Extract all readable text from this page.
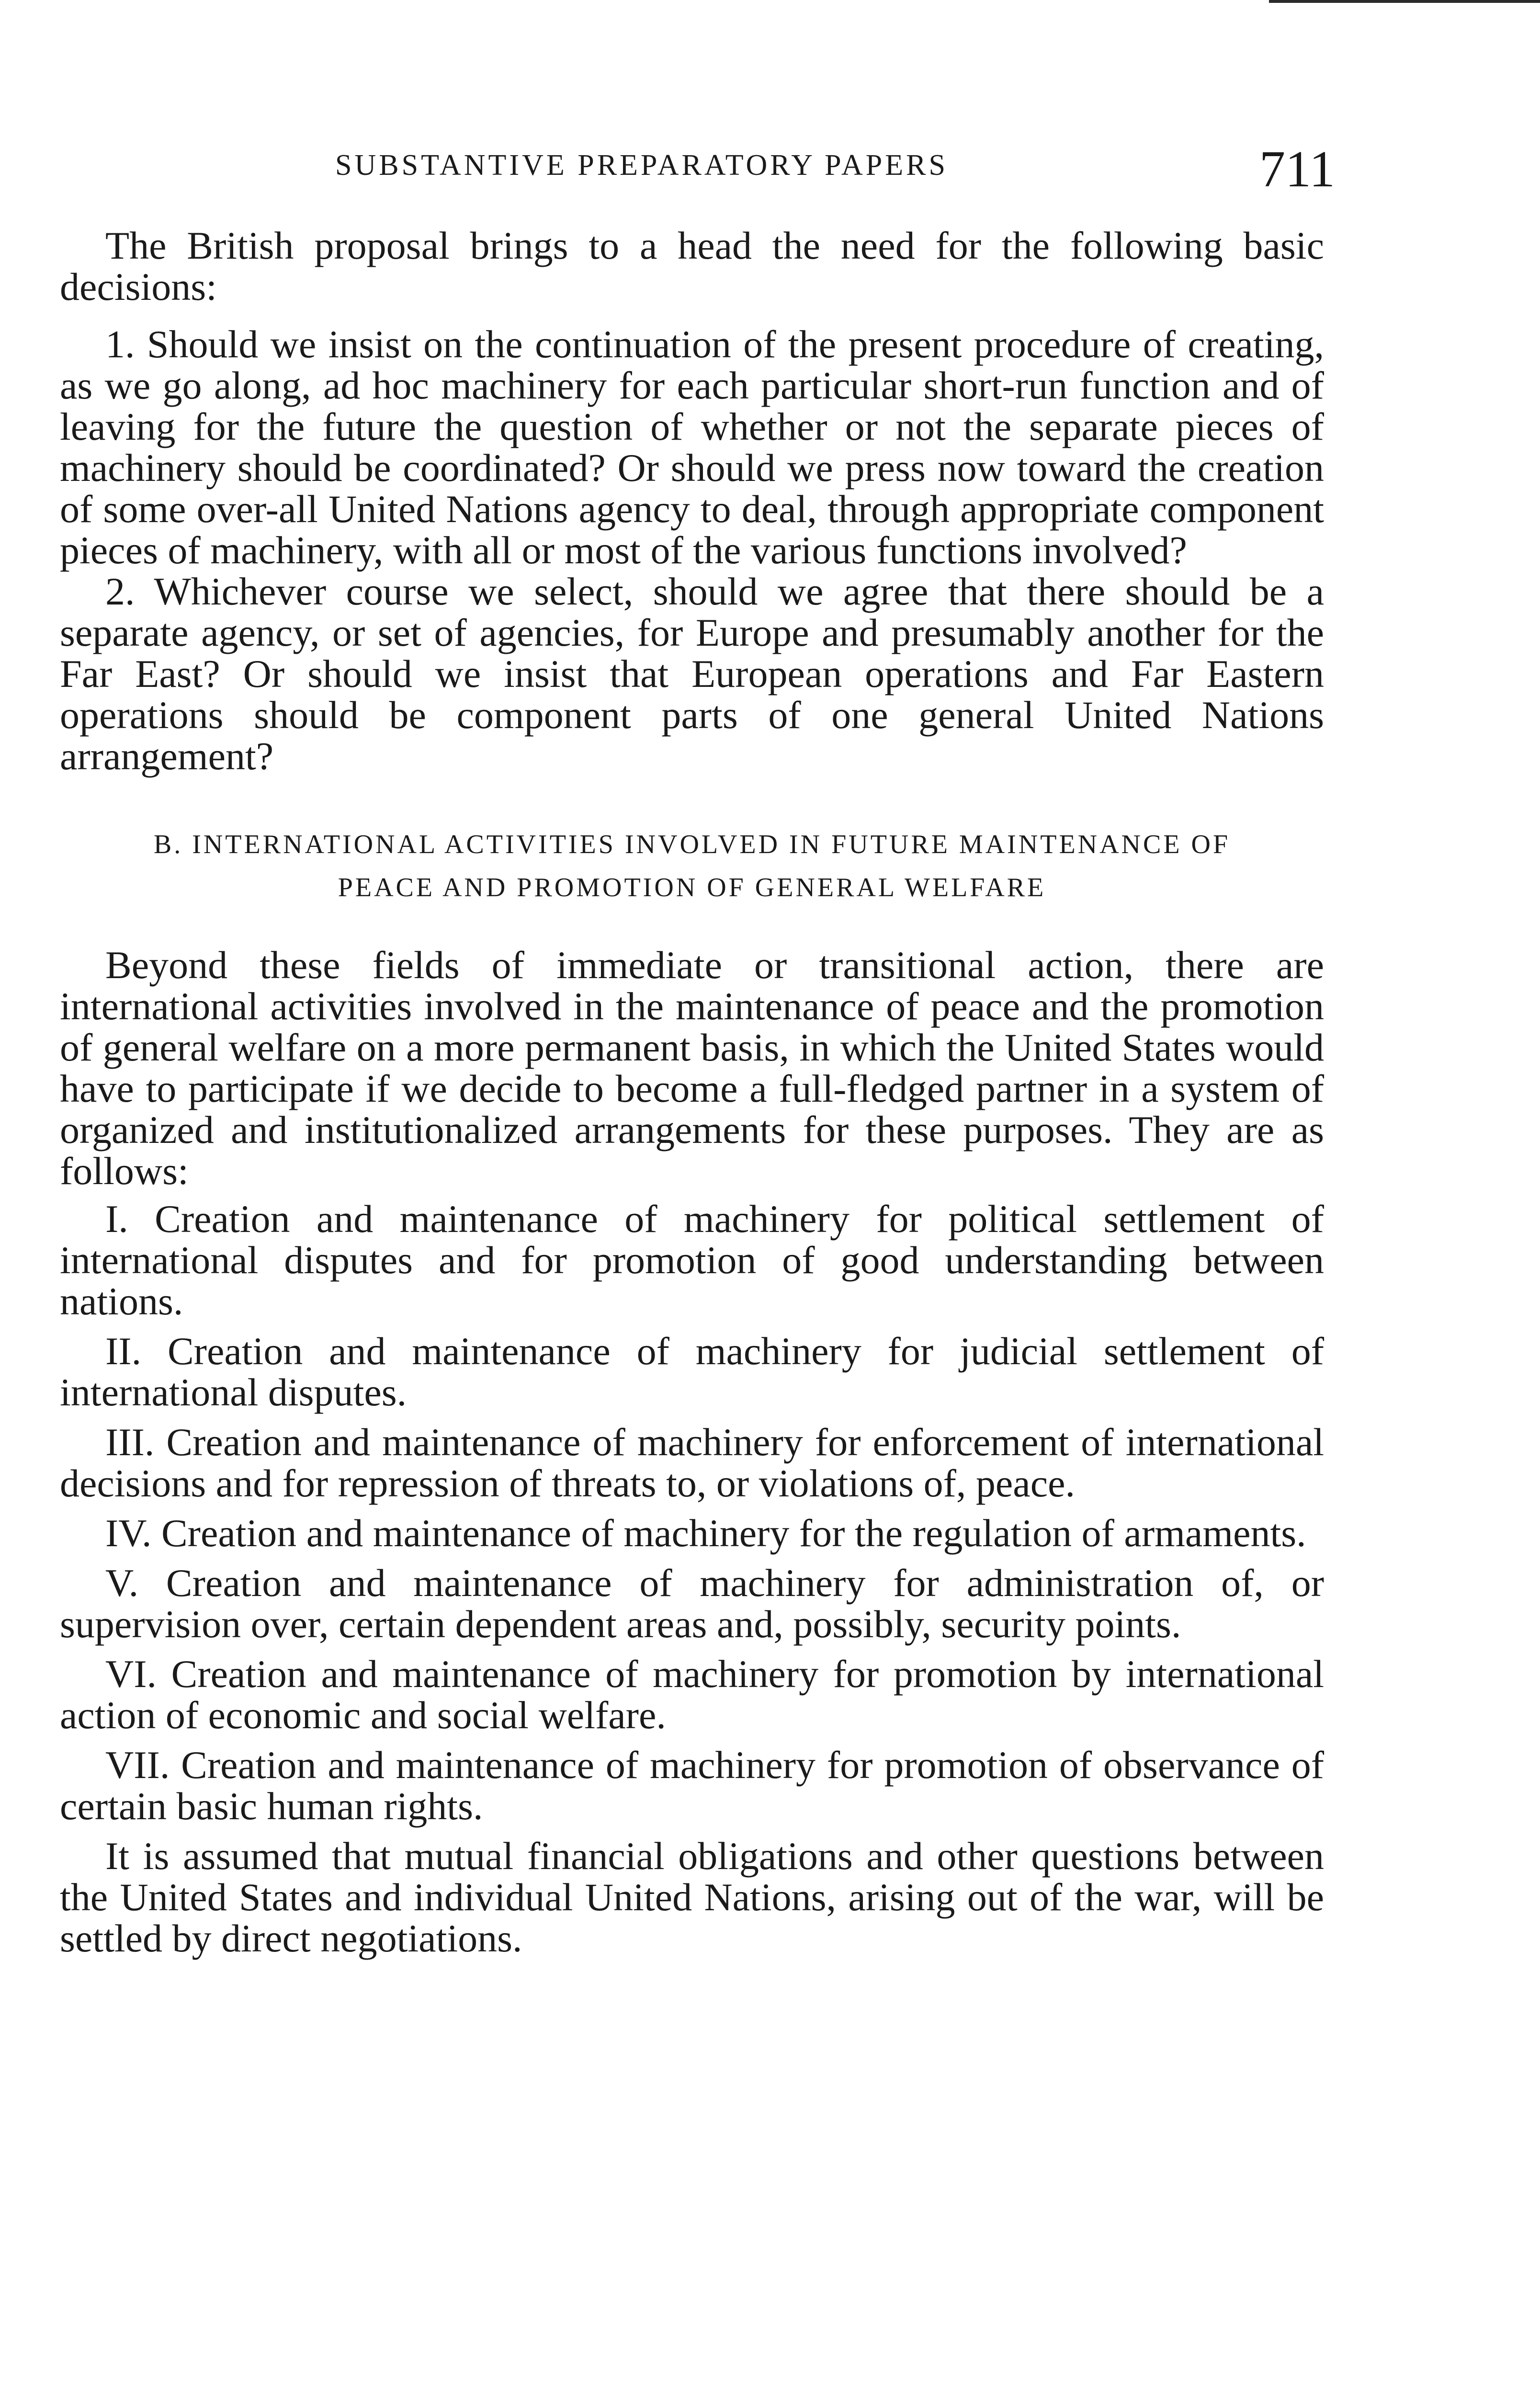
SUBSTANTIVE PREPARATORY PAPERS	711

The British proposal brings to a head the need for the following basic decisions:

1. Should we insist on the continuation of the present procedure of creating, as we go along, ad hoc machinery for each particular short-run function and of leaving for the future the question of whether or not the separate pieces of machinery should be coordinated? Or should we press now toward the creation of some over-all United Nations agency to deal, through appropriate component pieces of machinery, with all or most of the various functions involved?

2. Whichever course we select, should we agree that there should be a separate agency, or set of agencies, for Europe and presumably another for the Far East? Or should we insist that European operations and Far Eastern operations should be component parts of one general United Nations arrangement?

B. INTERNATIONAL ACTIVITIES INVOLVED IN FUTURE MAINTENANCE OF
PEACE AND PROMOTION OF GENERAL WELFARE

Beyond these fields of immediate or transitional action, there are international activities involved in the maintenance of peace and the promotion of general welfare on a more permanent basis, in which the United States would have to participate if we decide to become a full-fledged partner in a system of organized and institutionalized arrangements for these purposes. They are as follows:

I. Creation and maintenance of machinery for political settlement of international disputes and for promotion of good understanding between nations.

II. Creation and maintenance of machinery for judicial settlement of international disputes.

III. Creation and maintenance of machinery for enforcement of international decisions and for repression of threats to, or violations of, peace.

IV. Creation and maintenance of machinery for the regulation of armaments.

V. Creation and maintenance of machinery for administration of, or supervision over, certain dependent areas and, possibly, security points.

VI. Creation and maintenance of machinery for promotion by international action of economic and social welfare.

VII. Creation and maintenance of machinery for promotion of observance of certain basic human rights.

It is assumed that mutual financial obligations and other questions between the United States and individual United Nations, arising out of the war, will be settled by direct negotiations.
